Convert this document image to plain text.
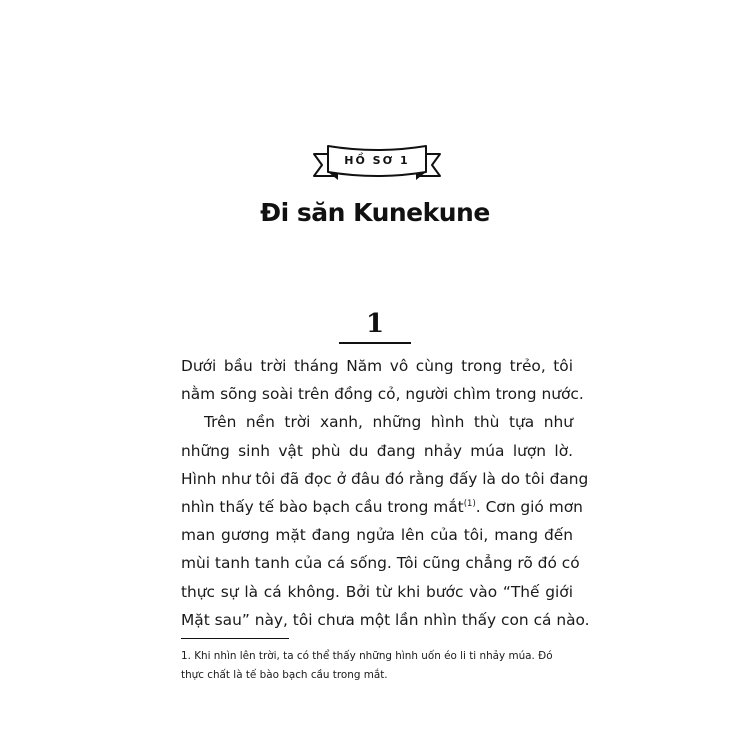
HỒ SƠ 1
Đi săn Kunekune
1
Dưới bầu trời tháng Năm vô cùng trong trẻo, tôi
nằm sõng soài trên đồng cỏ, người chìm trong nước.
Trên nền trời xanh, những hình thù tựa như
những sinh vật phù du đang nhảy múa lượn lờ.
Hình như tôi đã đọc ở đâu đó rằng đấy là do tôi đang
nhìn thấy tế bào bạch cầu trong mắt$^{(1)}$. Cơn gió mơn
man gương mặt đang ngửa lên của tôi, mang đến
mùi tanh tanh của cá sống. Tôi cũng chẳng rõ đó có
thực sự là cá không. Bởi từ khi bước vào “Thế giới
Mặt sau” này, tôi chưa một lần nhìn thấy con cá nào.
1. Khi nhìn lên trời, ta có thể thấy những hình uốn éo li ti nhảy múa. Đó
thực chất là tế bào bạch cầu trong mắt.
